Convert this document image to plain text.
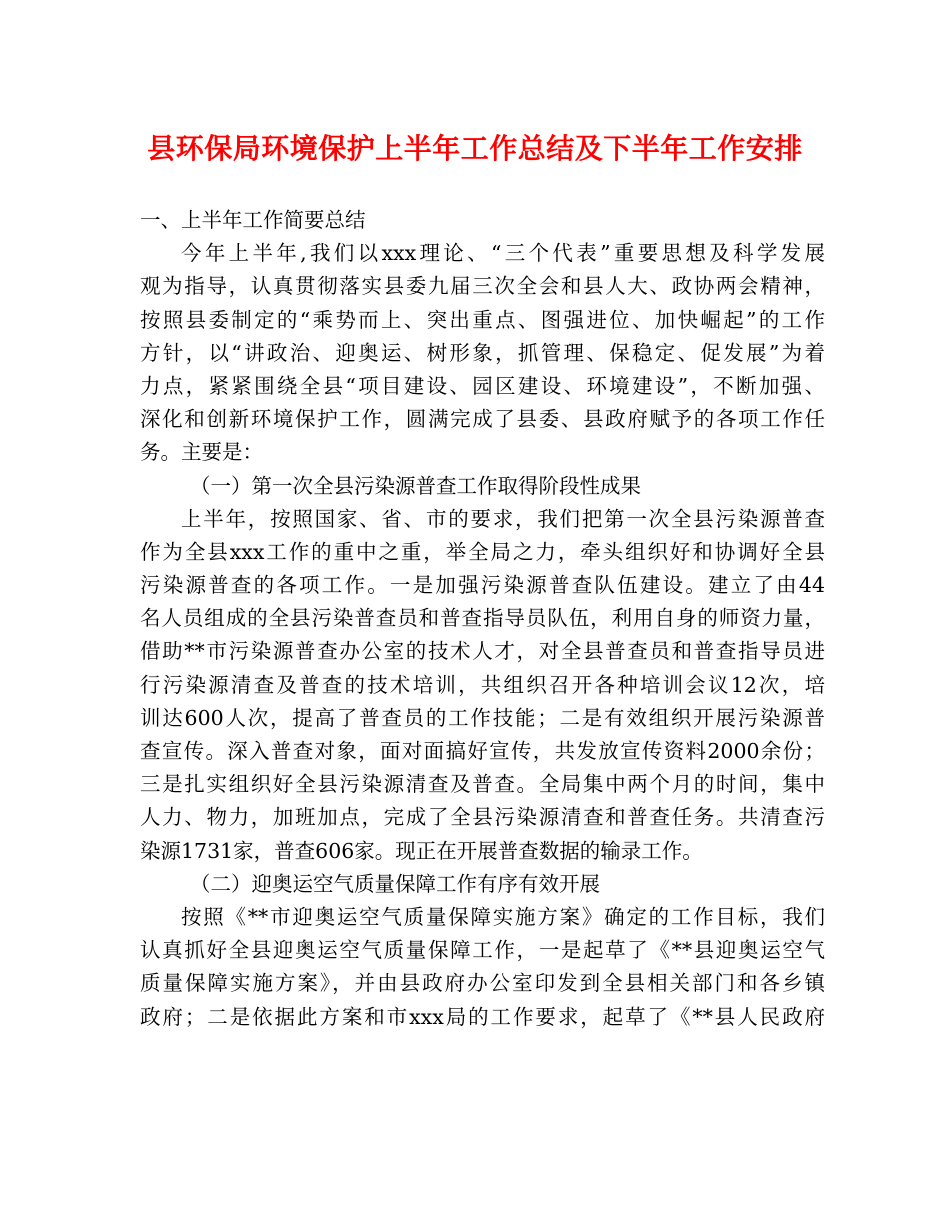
县环保局环境保护上半年工作总结及下半年工作安排
一、上半年工作简要总结
今年上半年,我们以xxx理论、“三个代表”重要思想及科学发展
观为指导，认真贯彻落实县委九届三次全会和县人大、政协两会精神，
按照县委制定的“乘势而上、突出重点、图强进位、加快崛起”的工作
方针，以“讲政治、迎奥运、树形象，抓管理、保稳定、促发展”为着
力点，紧紧围绕全县“项目建设、园区建设、环境建设”，不断加强、
深化和创新环境保护工作，圆满完成了县委、县政府赋予的各项工作任
务。主要是：
（一）第一次全县污染源普查工作取得阶段性成果
上半年，按照国家、省、市的要求，我们把第一次全县污染源普查
作为全县xxx工作的重中之重，举全局之力，牵头组织好和协调好全县
污染源普查的各项工作。一是加强污染源普查队伍建设。建立了由44
名人员组成的全县污染普查员和普查指导员队伍，利用自身的师资力量，
借助**市污染源普查办公室的技术人才，对全县普查员和普查指导员进
行污染源清查及普查的技术培训，共组织召开各种培训会议12次，培
训达600人次，提高了普查员的工作技能；二是有效组织开展污染源普
查宣传。深入普查对象，面对面搞好宣传，共发放宣传资料2000余份；
三是扎实组织好全县污染源清查及普查。全局集中两个月的时间，集中
人力、物力，加班加点，完成了全县污染源清查和普查任务。共清查污
染源1731家，普查606家。现正在开展普查数据的输录工作。
（二）迎奥运空气质量保障工作有序有效开展
按照《**市迎奥运空气质量保障实施方案》确定的工作目标，我们
认真抓好全县迎奥运空气质量保障工作，一是起草了《**县迎奥运空气
质量保障实施方案》，并由县政府办公室印发到全县相关部门和各乡镇
政府；二是依据此方案和市xxx局的工作要求，起草了《**县人民政府
